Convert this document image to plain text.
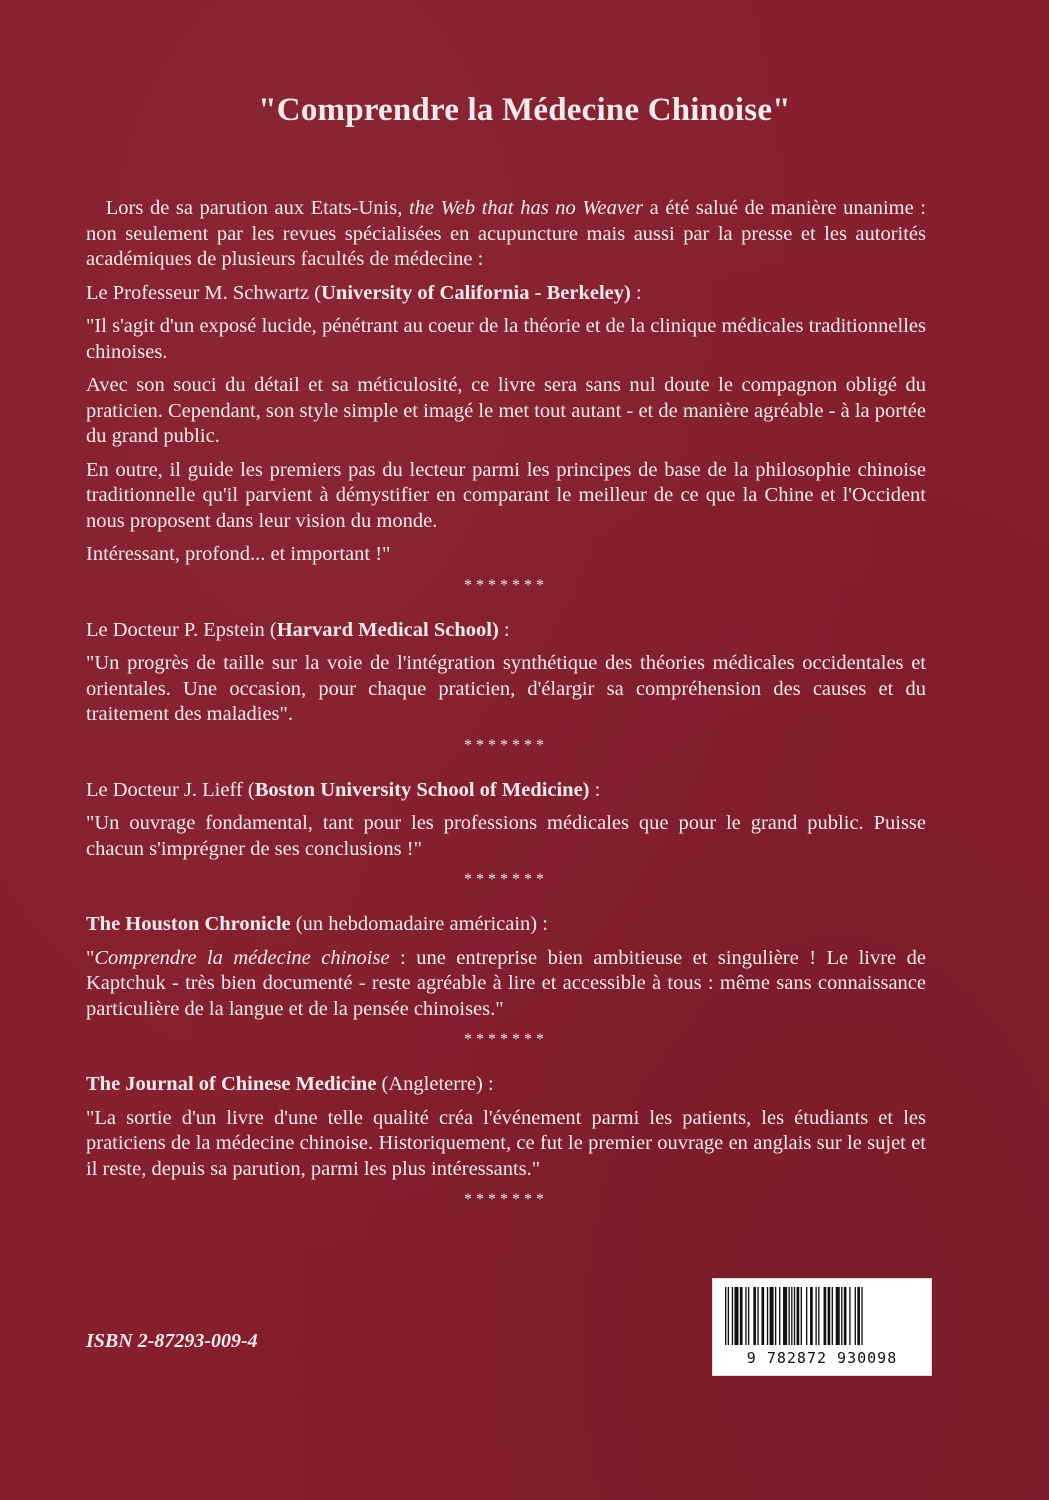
"Comprendre la Médecine Chinoise"

Lors de sa parution aux Etats-Unis, the Web that has no Weaver a été salué de manière unanime : non seulement par les revues spécialisées en acupuncture mais aussi par la presse et les autorités académiques de plusieurs facultés de médecine :

Le Professeur M. Schwartz (University of California - Berkeley) :

"Il s'agit d'un exposé lucide, pénétrant au coeur de la théorie et de la clinique médicales traditionnelles chinoises.

Avec son souci du détail et sa méticulosité, ce livre sera sans nul doute le compagnon obligé du praticien. Cependant, son style simple et imagé le met tout autant - et de manière agréable - à la portée du grand public.

En outre, il guide les premiers pas du lecteur parmi les principes de base de la philosophie chinoise traditionnelle qu'il parvient à démystifier en comparant le meilleur de ce que la Chine et l'Occident nous proposent dans leur vision du monde.

Intéressant, profond... et important !"

*******

Le Docteur P. Epstein (Harvard Medical School) :

"Un progrès de taille sur la voie de l'intégration synthétique des théories médicales occidentales et orientales. Une occasion, pour chaque praticien, d'élargir sa compréhension des causes et du traitement des maladies".

*******

Le Docteur J. Lieff (Boston University School of Medicine) :

"Un ouvrage fondamental, tant pour les professions médicales que pour le grand public. Puisse chacun s'imprégner de ses conclusions !"

*******

The Houston Chronicle (un hebdomadaire américain) :

"Comprendre la médecine chinoise : une entreprise bien ambitieuse et singulière ! Le livre de Kaptchuk - très bien documenté - reste agréable à lire et accessible à tous : même sans connaissance particulière de la langue et de la pensée chinoises."

*******

The Journal of Chinese Medicine (Angleterre) :

"La sortie d'un livre d'une telle qualité créa l'événement parmi les patients, les étudiants et les praticiens de la médecine chinoise. Historiquement, ce fut le premier ouvrage en anglais sur le sujet et il reste, depuis sa parution, parmi les plus intéressants."

*******

ISBN 2-87293-009-4
9 782872 930098
